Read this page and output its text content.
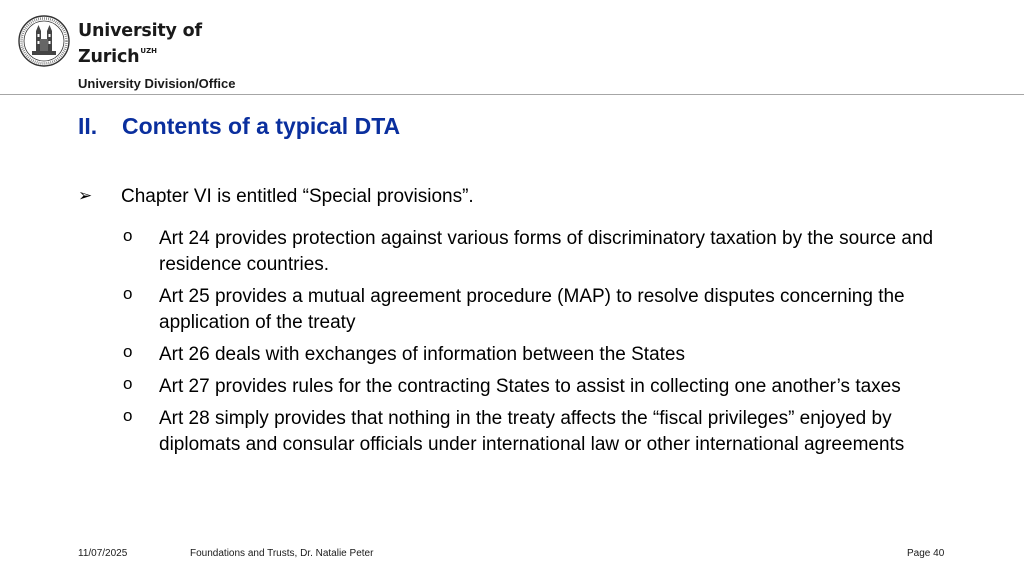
University of
Zurich$^{UZH}$
University Division/Office
II. Contents of a typical DTA
➢ Chapter VI is entitled “Special provisions”.
o Art 24 provides protection against various forms of discriminatory taxation by the source and residence countries.
o Art 25 provides a mutual agreement procedure (MAP) to resolve disputes concerning the application of the treaty
o Art 26 deals with exchanges of information between the States
o Art 27 provides rules for the contracting States to assist in collecting one another’s taxes
o Art 28 simply provides that nothing in the treaty affects the “fiscal privileges” enjoyed by diplomats and consular officials under international law or other international agreements
11/07/2025	Foundations and Trusts, Dr. Natalie Peter	Page 40
